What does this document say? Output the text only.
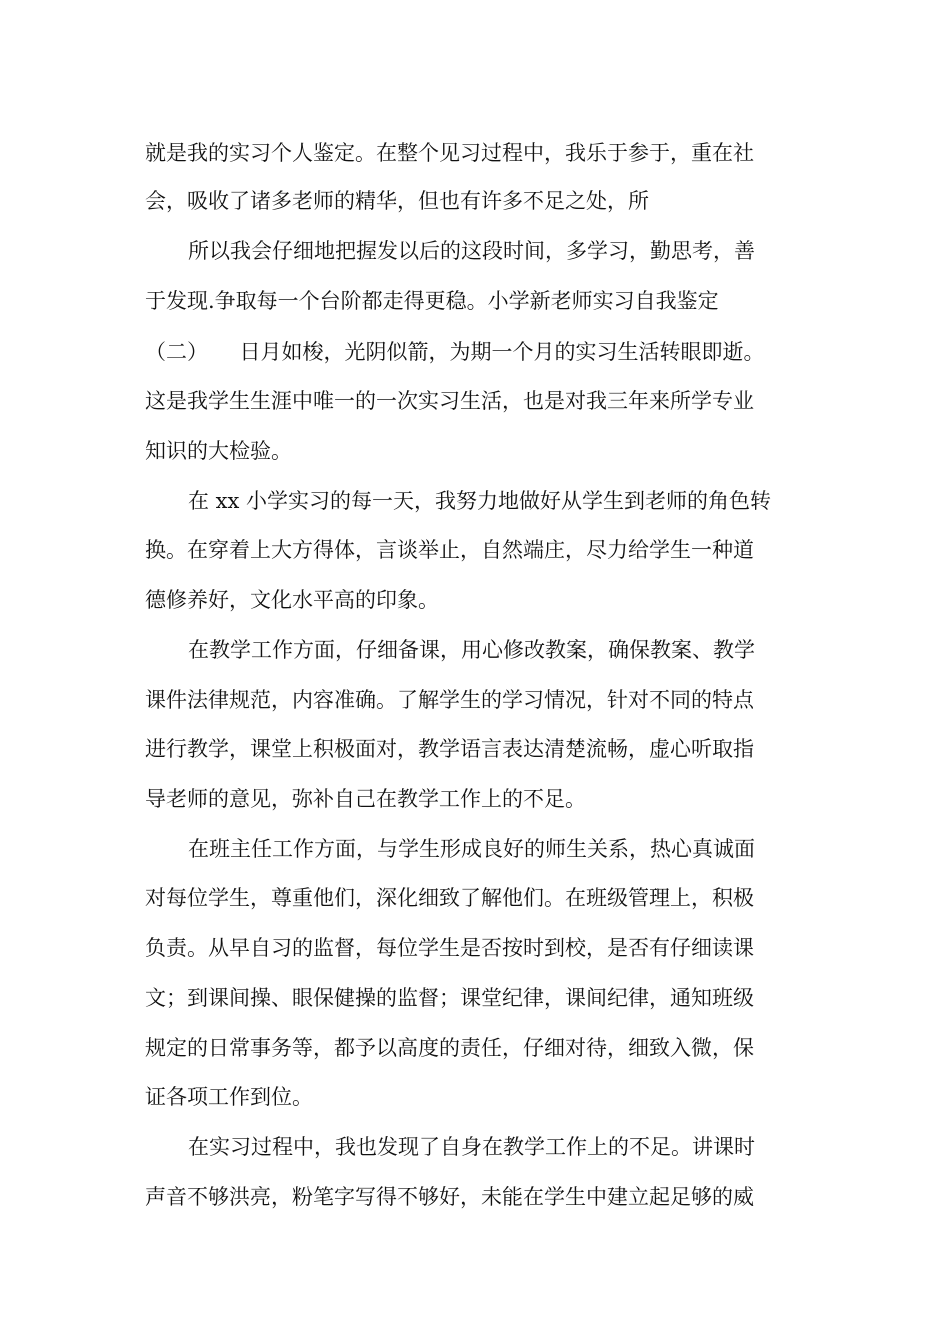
就是我的实习个人鉴定。在整个见习过程中，我乐于参于，重在社
会，吸收了诸多老师的精华，但也有许多不足之处，所
所以我会仔细地把握发以后的这段时间，多学习，勤思考，善
于发现.争取每一个台阶都走得更稳。小学新老师实习自我鉴定
（二）　　日月如梭，光阴似箭，为期一个月的实习生活转眼即逝。
这是我学生生涯中唯一的一次实习生活，也是对我三年来所学专业
知识的大检验。
在 xx 小学实习的每一天，我努力地做好从学生到老师的角色转
换。在穿着上大方得体，言谈举止，自然端庄，尽力给学生一种道
德修养好，文化水平高的印象。
在教学工作方面，仔细备课，用心修改教案，确保教案、教学
课件法律规范，内容准确。了解学生的学习情况，针对不同的特点
进行教学，课堂上积极面对，教学语言表达清楚流畅，虚心听取指
导老师的意见，弥补自己在教学工作上的不足。
在班主任工作方面，与学生形成良好的师生关系，热心真诚面
对每位学生，尊重他们，深化细致了解他们。在班级管理上，积极
负责。从早自习的监督，每位学生是否按时到校，是否有仔细读课
文；到课间操、眼保健操的监督；课堂纪律，课间纪律，通知班级
规定的日常事务等，都予以高度的责任，仔细对待，细致入微，保
证各项工作到位。
在实习过程中，我也发现了自身在教学工作上的不足。讲课时
声音不够洪亮，粉笔字写得不够好，未能在学生中建立起足够的威
